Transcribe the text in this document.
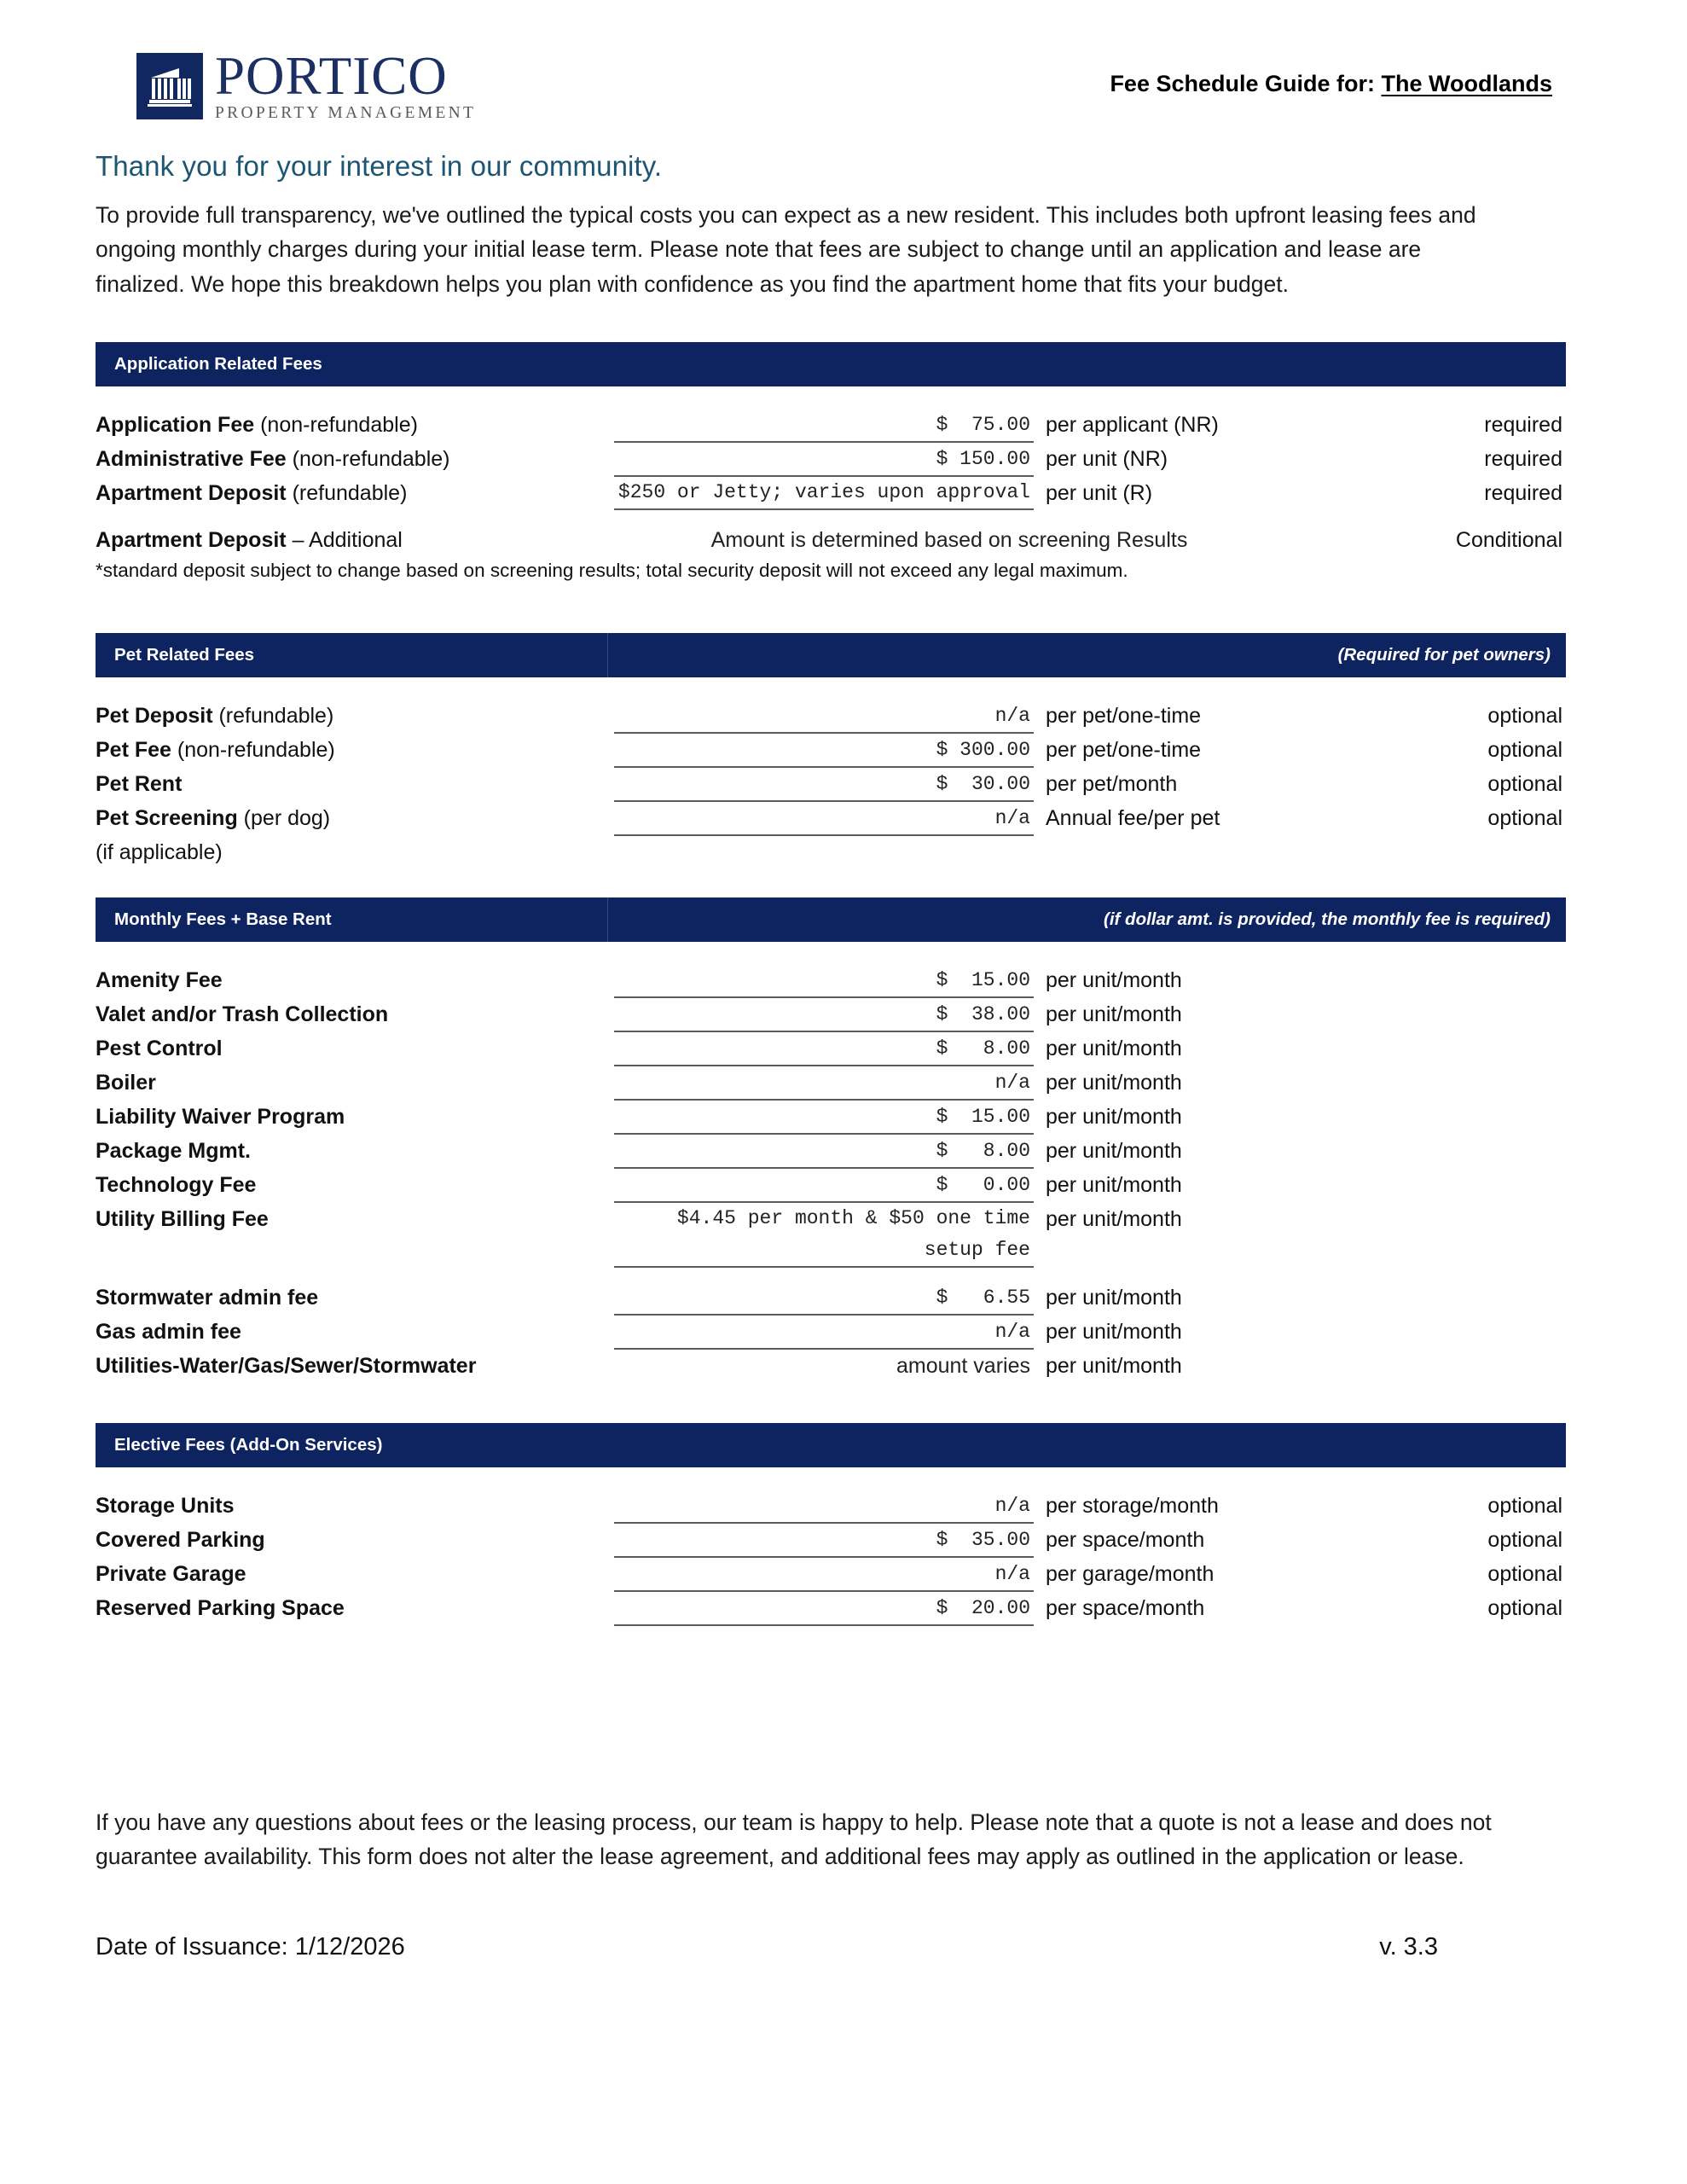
PORTICO
PROPERTY MANAGEMENT
Fee Schedule Guide for: The Woodlands
Thank you for your interest in our community.

To provide full transparency, we've outlined the typical costs you can expect as a new resident. This includes both upfront leasing fees and ongoing monthly charges during your initial lease term. Please note that fees are subject to change until an application and lease are finalized. We hope this breakdown helps you plan with confidence as you find the apartment home that fits your budget.

Application Related Fees
Application Fee (non-refundable)	$  75.00 per applicant (NR)	required
Administrative Fee (non-refundable)	$ 150.00 per unit (NR)	required
Apartment Deposit (refundable)	$250 or Jetty; varies upon approval per unit (R)	required
Apartment Deposit – Additional	Amount is determined based on screening Results	Conditional
*standard deposit subject to change based on screening results; total security deposit will not exceed any legal maximum.
Pet Related Fees	(Required for pet owners)
Pet Deposit (refundable)	n/a per pet/one-time	optional
Pet Fee (non-refundable)	$ 300.00 per pet/one-time	optional
Pet Rent	$  30.00 per pet/month	optional
Pet Screening (per dog)	n/a Annual fee/per pet	optional
(if applicable)
Monthly Fees + Base Rent	(if dollar amt. is provided, the monthly fee is required)
Amenity Fee	$  15.00 per unit/month
Valet and/or Trash Collection	$  38.00 per unit/month
Pest Control	$   8.00 per unit/month
Boiler	n/a per unit/month
Liability Waiver Program	$  15.00 per unit/month
Package Mgmt.	$   8.00 per unit/month
Technology Fee	$   0.00 per unit/month
Utility Billing Fee	$4.45 per month & $50 one time setup fee
per unit/month
Stormwater admin fee	$   6.55 per unit/month
Gas admin fee	n/a per unit/month
Utilities-Water/Gas/Sewer/Stormwater	amount varies per unit/month
Elective Fees (Add-On Services)
Storage Units	n/a per storage/month	optional
Covered Parking	$  35.00 per space/month	optional
Private Garage	n/a per garage/month	optional
Reserved Parking Space	$  20.00 per space/month	optional

If you have any questions about fees or the leasing process, our team is happy to help. Please note that a quote is not a lease and does not guarantee availability. This form does not alter the lease agreement, and additional fees may apply as outlined in the application or lease.

Date of Issuance: 1/12/2026	v. 3.3
